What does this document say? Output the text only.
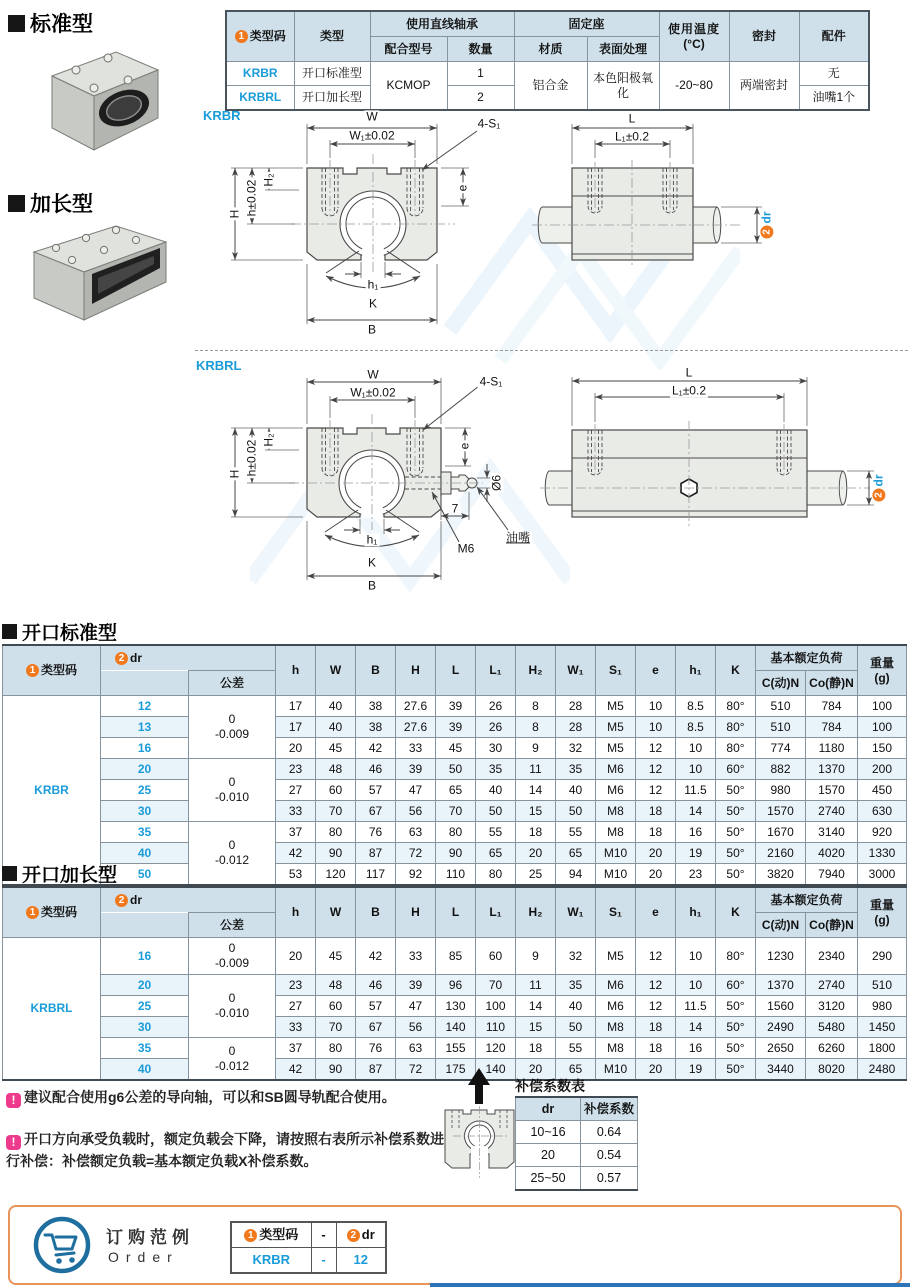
标准型
加长型
1 类型码	类型	使用直线轴承		固定座		使用温度
(°C)	密封	配件
		配合型号	数量	材质	表面处理			
KRBR	开口标准型	KCMOP	1	铝合金	本色阳极氧化	-20~80	两端密封	无
KRBRL	开口加长型		2					油嘴1个
KRBR	W
W₁±0.02
4-S₁
H h±0.02 H₂
e
h₁
K
B
L
L₁±0.2
2dr
KRBRL
W
W₁±0.02
4-S₁
H h±0.02 H₂	e
Ø6
7
M6
油嘴
h₁
K
B
L
L₁±0.2
2dr
开口标准型
1 类型码	2 dr		h	W	B	H	L	L₁	H₂	W₁	S₁	e	h₁	K	基本额定负荷		重量
(g)

		公差													C(动)N	Co(静)N	
KRBR	12	0
-0.009	17	40	38	27.6	39	26	8	28	M5	10	8.5	80°	510	784	100
	13		17	40	38	27.6	39	26	8	28	M5	10	8.5	80°	510	784	100
	16		20	45	42	33	45	30	9	32	M5	12	10	80°	774	1180	150
	20	0
-0.010	23	48	46	39	50	35	11	35	M6	12	10	60°	882	1370	200
	25		27	60	57	47	65	40	14	40	M6	12	11.5	50°	980	1570	450
	30		33	70	67	56	70	50	15	50	M8	18	14	50°	1570	2740	630
	35	0
-0.012	37	80	76	63	80	55	18	55	M8	18	16	50°	1670	3140	920
	40		42	90	87	72	90	65	20	65	M10	20	19	50°	2160	4020	1330
	50		53	120	117	92	110	80	25	94	M10	20	23	50°	3820	7940	3000
开口加长型
1 类型码	2 dr		h	W	B	H	L	L₁	H₂	W₁	S₁	e	h₁	K	基本额定负荷		重量
(g)

		公差													C(动)N	Co(静)N	
KRBRL	16	0
-0.009	20	45	42	33	85	60	9	32	M5	12	10	80°	1230	2340	290
	20	0
-0.010	23	48	46	39	96	70	11	35	M6	12	10	60°	1370	2740	510
	25		27	60	57	47	130	100	14	40	M6	12	11.5	50°	1560	3120	980
	30		33	70	67	56	140	110	15	50	M8	18	14	50°	2490	5480	1450
	35	0
-0.012	37	80	76	63	155	120	18	55	M8	18	16	50°	2650	6260	1800
	40		42	90	87	72	175	140	20	65	M10	20	19	50°	3440	8020	2480
! 建议配合使用g6公差的导向轴，可以和SB圆导轨配合使用。
! 开口方向承受负载时，额定负载会下降，请按照右表所示补偿系数进行补偿：补偿额定负载=基本额定负载X补偿系数。
补偿系数表
dr	补偿系数
10~16	0.64
20	0.54
25~50	0.57
订购范例
Order
1 类型码	-	2 dr
KRBR	-	12
